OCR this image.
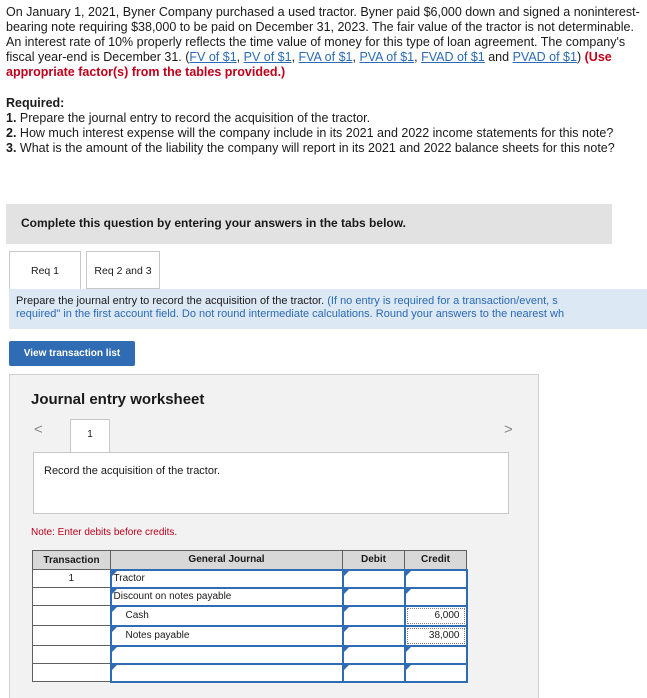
On January 1, 2021, Byner Company purchased a used tractor. Byner paid $6,000 down and signed a noninterest-bearing note requiring $38,000 to be paid on December 31, 2023. The fair value of the tractor is not determinable. An interest rate of 10% properly reflects the time value of money for this type of loan agreement. The company's fiscal year-end is December 31. (FV of $1, PV of $1, FVA of $1, PVA of $1, FVAD of $1 and PVAD of $1) (Use appropriate factor(s) from the tables provided.)
Required:
1. Prepare the journal entry to record the acquisition of the tractor.
2. How much interest expense will the company include in its 2021 and 2022 income statements for this note?
3. What is the amount of the liability the company will report in its 2021 and 2022 balance sheets for this note?
Complete this question by entering your answers in the tabs below.
Req 1	Req 2 and 3
Prepare the journal entry to record the acquisition of the tractor. (If no entry is required for a transaction/event, s
required" in the first account field. Do not round intermediate calculations. Round your answers to the nearest wh
View transaction list
Journal entry worksheet
<	>
1
Record the acquisition of the tractor.
Note: Enter debits before credits.
Transaction	General Journal	Debit	Credit
1	Tractor		

	Discount on notes payable		

	Cash		6,000

	Notes payable		38,000
